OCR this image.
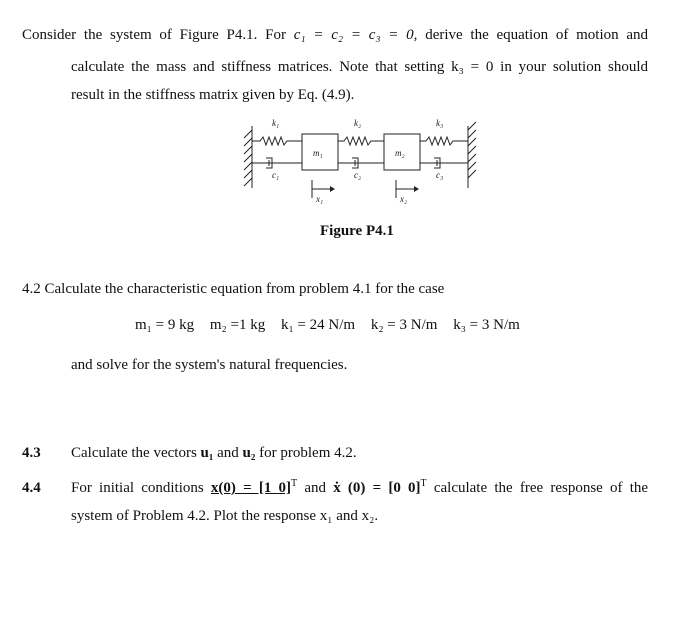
Consider the system of Figure P4.1. For c₁ = c₂ = c₃ = 0, derive the equation of motion and
calculate the mass and stiffness matrices. Note that setting k₃ = 0 in your solution should
result in the stiffness matrix given by Eq. (4.9).
k₁	k₂	k₃
m₁	m₂
c₁	c₂	c₃
x₁	x₂
Figure P4.1
4.2 Calculate the characteristic equation from problem 4.1 for the case
m₁ = 9 kg m₂ =1 kg k₁ = 24 N/m k₂ = 3 N/m k₃ = 3 N/m
and solve for the system's natural frequencies.
4.3 Calculate the vectors u₁ and u₂ for problem 4.2.
4.4 For initial conditions x(0) = [1 0]$^T$ and ẋ (0) = [0 0]$^T$ calculate the free response of the
system of Problem 4.2. Plot the response x₁ and x₂.
